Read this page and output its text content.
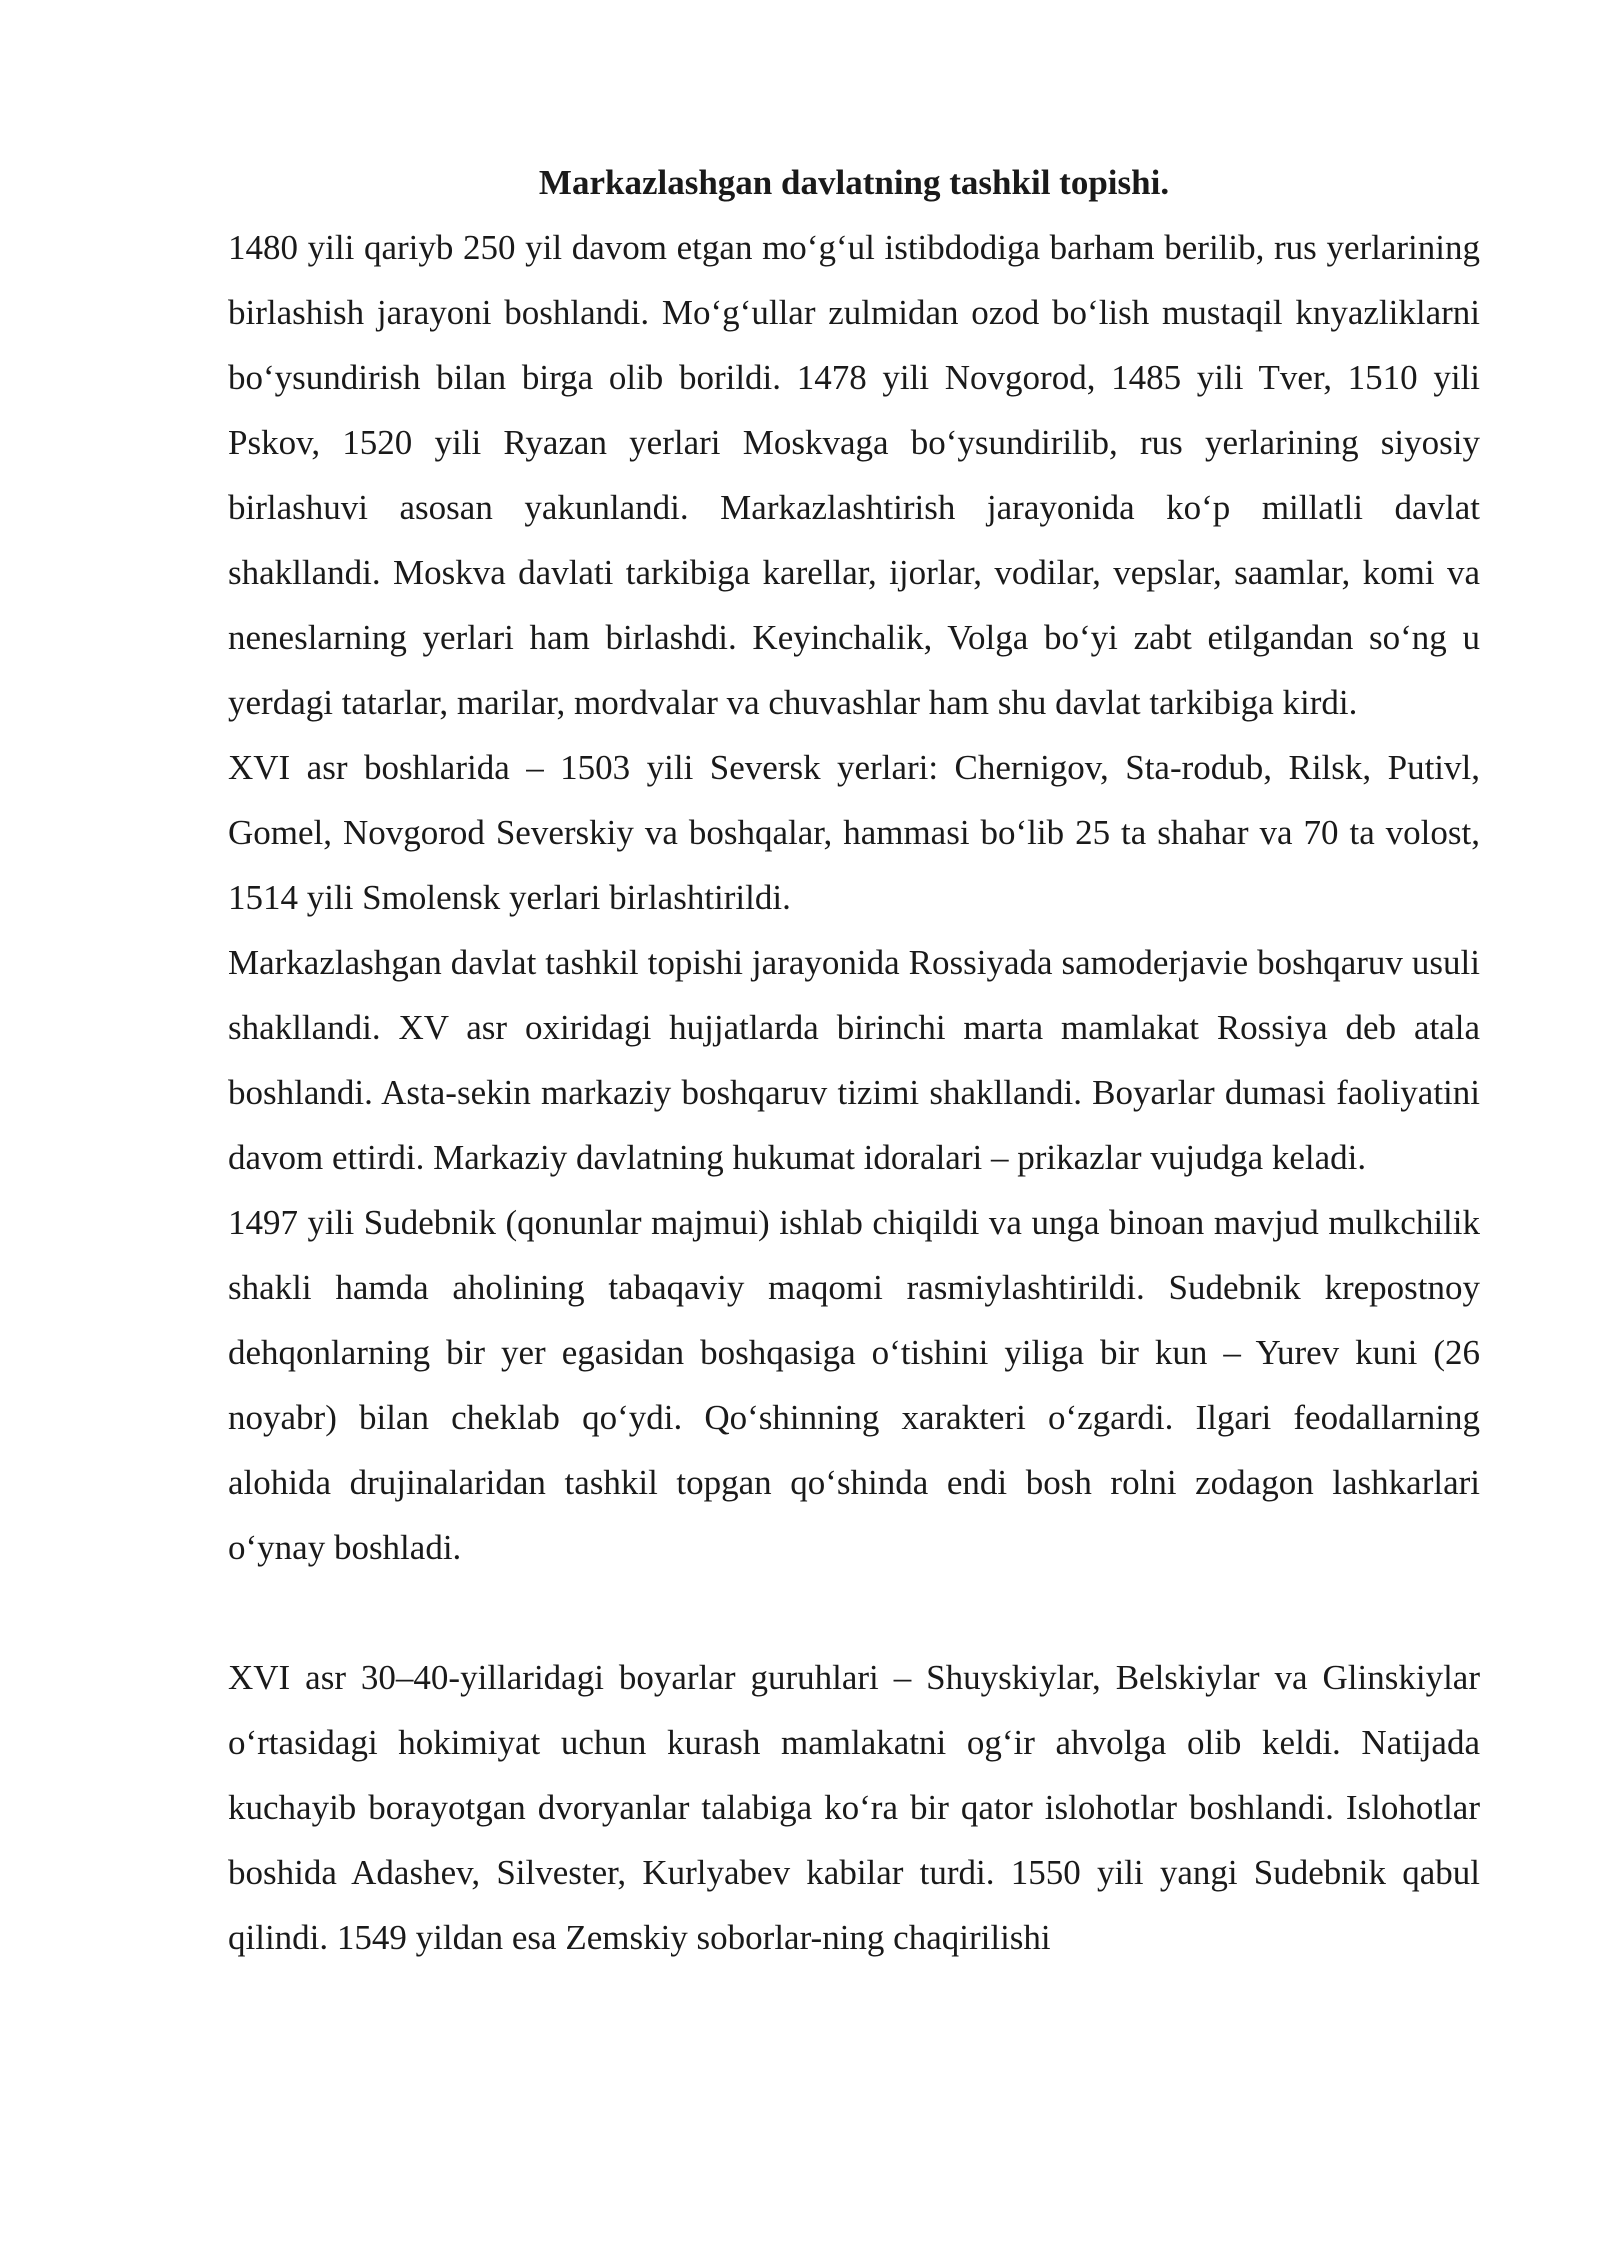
Markazlashgan davlatning tashkil topishi.

1480 yili qariyb 250 yil davom etgan mo‘g‘ul istibdodiga barham berilib, rus yerlarining birlashish jarayoni boshlandi. Mo‘g‘ullar zulmidan ozod bo‘lish mustaqil knyazliklarni bo‘ysundirish bilan birga olib borildi. 1478 yili Novgorod, 1485 yili Tver, 1510 yili Pskov, 1520 yili Ryazan yerlari Moskvaga bo‘ysundirilib, rus yerlarining siyosiy birlashuvi asosan yakunlandi. Markazlashtirish jarayonida ko‘p millatli davlat shakllandi. Moskva davlati tarkibiga karellar, ijorlar, vodilar, vepslar, saamlar, komi va neneslarning yerlari ham birlashdi. Keyinchalik, Volga bo‘yi zabt etilgandan so‘ng u yerdagi tatarlar, marilar, mordvalar va chuvashlar ham shu davlat tarkibiga kirdi.

XVI asr boshlarida – 1503 yili Seversk yerlari: Chernigov, Sta-rodub, Rilsk, Putivl, Gomel, Novgorod Severskiy va boshqalar, hammasi bo‘lib 25 ta shahar va 70 ta volost, 1514 yili Smolensk yerlari birlashtirildi.

Markazlashgan davlat tashkil topishi jarayonida Rossiyada samoderjavie boshqaruv usuli shakllandi. XV asr oxiridagi hujjatlarda birinchi marta mamlakat Rossiya deb atala boshlandi. Asta-sekin markaziy boshqaruv tizimi shakllandi. Boyarlar dumasi faoliyatini davom ettirdi. Markaziy davlatning hukumat idoralari – prikazlar vujudga keladi.

1497 yili Sudebnik (qonunlar majmui) ishlab chiqildi va unga binoan mavjud mulkchilik shakli hamda aholining tabaqaviy maqomi rasmiylashtirildi. Sudebnik krepostnoy dehqonlarning bir yer egasidan boshqasiga o‘tishini yiliga bir kun – Yurev kuni (26 noyabr) bilan cheklab qo‘ydi. Qo‘shinning xarakteri o‘zgardi. Ilgari feodallarning alohida drujinalaridan tashkil topgan qo‘shinda endi bosh rolni zodagon lashkarlari o‘ynay boshladi.

XVI asr 30–40-yillaridagi boyarlar guruhlari – Shuyskiylar, Belskiylar va Glinskiylar o‘rtasidagi hokimiyat uchun kurash mamlakatni og‘ir ahvolga olib keldi. Natijada kuchayib borayotgan dvoryanlar talabiga ko‘ra bir qator islohotlar boshlandi. Islohotlar boshida Adashev, Silvester, Kurlyabev kabilar turdi. 1550 yili yangi Sudebnik qabul qilindi. 1549 yildan esa Zemskiy soborlar-ning chaqirilishi
